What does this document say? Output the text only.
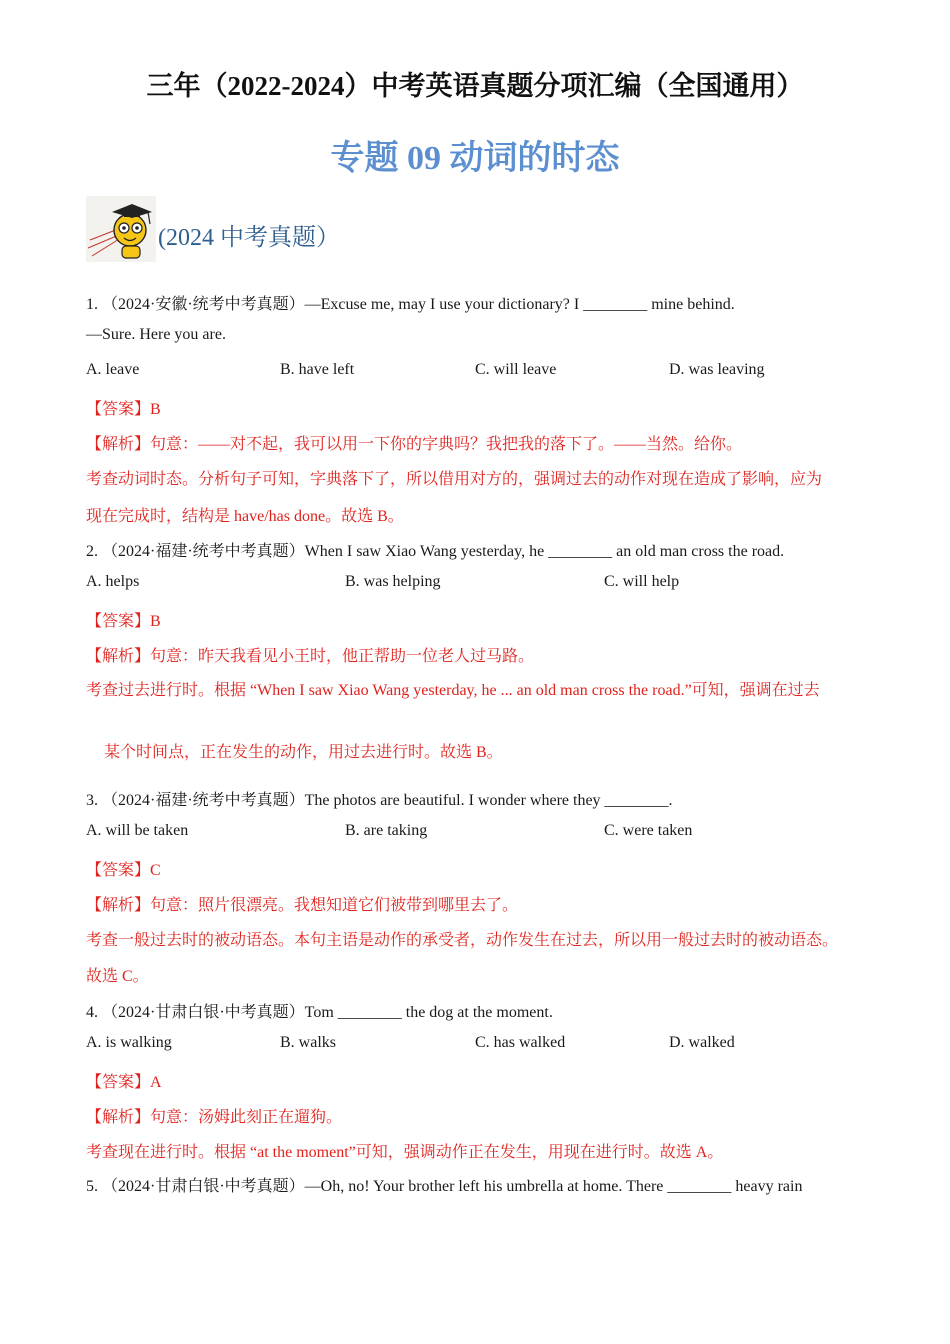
三年（2022-2024）中考英语真题分项汇编（全国通用）
专题 09 动词的时态
(2024 中考真题）
1. （2024·安徽·统考中考真题）—Excuse me, may I use your dictionary? I ________ mine behind.
—Sure. Here you are.
A. leave	B. have left	C. will leave	D. was leaving
【答案】B
【解析】句意：——对不起，我可以用一下你的字典吗？我把我的落下了。——当然。给你。
考查动词时态。分析句子可知，字典落下了，所以借用对方的，强调过去的动作对现在造成了影响，应为
现在完成时，结构是 have/has done。故选 B。
2. （2024·福建·统考中考真题）When I saw Xiao Wang yesterday, he ________ an old man cross the road.
A. helps	B. was helping	C. will help
【答案】B
【解析】句意：昨天我看见小王时，他正帮助一位老人过马路。
考查过去进行时。根据 “When I saw Xiao Wang yesterday, he ... an old man cross the road.”可知，强调在过去
某个时间点，正在发生的动作，用过去进行时。故选 B。
3. （2024·福建·统考中考真题）The photos are beautiful. I wonder where they ________.
A. will be taken	B. are taking	C. were taken
【答案】C
【解析】句意：照片很漂亮。我想知道它们被带到哪里去了。
考查一般过去时的被动语态。本句主语是动作的承受者，动作发生在过去，所以用一般过去时的被动语态。
故选 C。
4. （2024·甘肃白银·中考真题）Tom ________ the dog at the moment.
A. is walking	B. walks	C. has walked	D. walked
【答案】A
【解析】句意：汤姆此刻正在遛狗。
考查现在进行时。根据 “at the moment”可知，强调动作正在发生，用现在进行时。故选 A。
5. （2024·甘肃白银·中考真题）—Oh, no! Your brother left his umbrella at home. There ________ heavy rain
